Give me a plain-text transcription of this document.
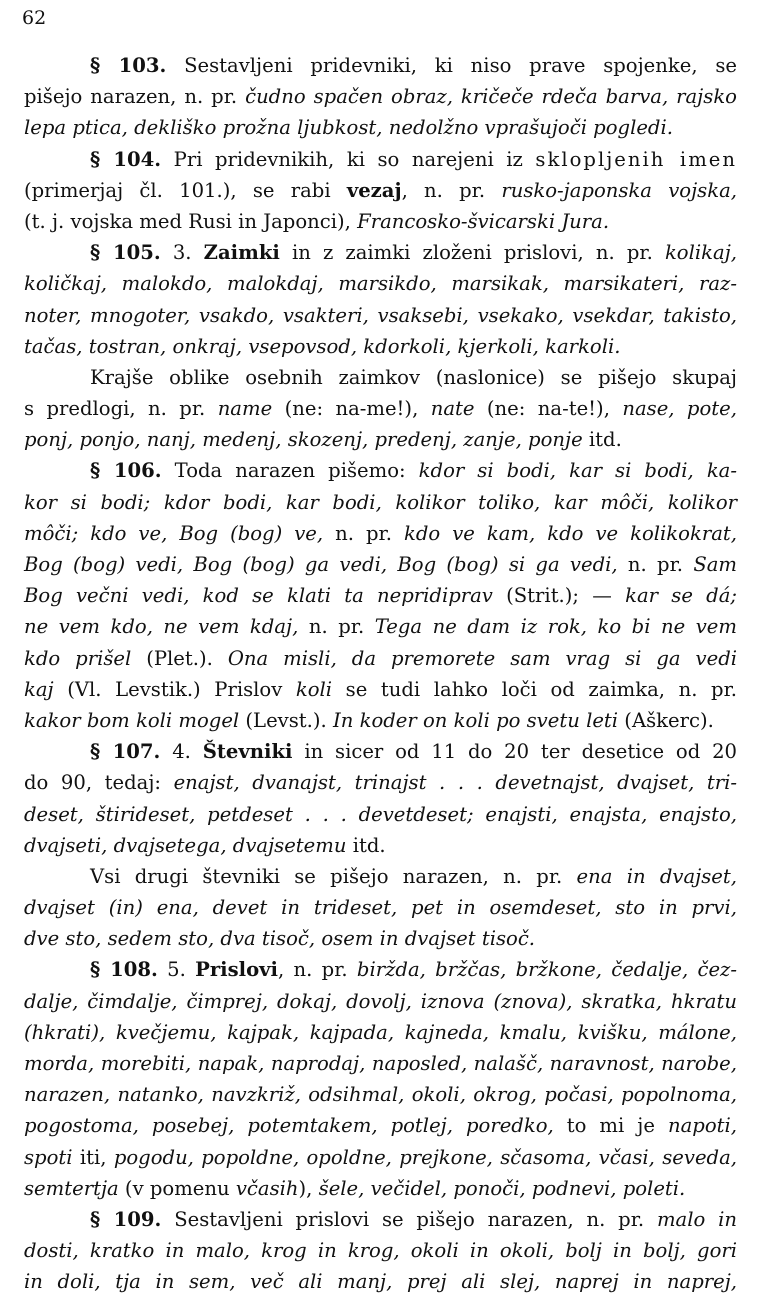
62
§ 103. Sestavljeni pridevniki, ki niso prave spojenke, se
pišejo narazen, n. pr. čudno spačen obraz, kričeče rdeča barva, rajsko
lepa ptica, dekliško prožna ljubkost, nedolžno vprašujoči pogledi.
§ 104. Pri pridevnikih, ki so narejeni iz sklopljenih imen
(primerjaj čl. 101.), se rabi vezaj, n. pr. rusko-japonska vojska,
(t. j. vojska med Rusi in Japonci), Francosko-švicarski Jura.
§ 105. 3. Zaimki in z zaimki zloženi prislovi, n. pr. kolikaj,
količkaj, malokdo, malokdaj, marsikdo, marsikak, marsikateri, raz-
noter, mnogoter, vsakdo, vsakteri, vsaksebi, vsekako, vsekdar, takisto,
tačas, tostran, onkraj, vsepovsod, kdorkoli, kjerkoli, karkoli.
Krajše oblike osebnih zaimkov (naslonice) se pišejo skupaj
s predlogi, n. pr. name (ne: na-me!), nate (ne: na-te!), nase, pote,
ponj, ponjo, nanj, medenj, skozenj, predenj, zanje, ponje itd.
§ 106. Toda narazen pišemo: kdor si bodi, kar si bodi, ka-
kor si bodi; kdor bodi, kar bodi, kolikor toliko, kar môči, kolikor
môči; kdo ve, Bog (bog) ve, n. pr. kdo ve kam, kdo ve kolikokrat,
Bog (bog) vedi, Bog (bog) ga vedi, Bog (bog) si ga vedi, n. pr. Sam
Bog večni vedi, kod se klati ta nepridiprav (Strit.); — kar se dá;
ne vem kdo, ne vem kdaj, n. pr. Tega ne dam iz rok, ko bi ne vem
kdo prišel (Plet.). Ona misli, da premorete sam vrag si ga vedi
kaj (Vl. Levstik.) Prislov koli se tudi lahko loči od zaimka, n. pr.
kakor bom koli mogel (Levst.). In koder on koli po svetu leti (Aškerc).
§ 107. 4. Števniki in sicer od 11 do 20 ter desetice od 20
do 90, tedaj: enajst, dvanajst, trinajst . . . devetnajst, dvajset, tri-
deset, štirideset, petdeset . . . devetdeset; enajsti, enajsta, enajsto,
dvajseti, dvajsetega, dvajsetemu itd.
Vsi drugi števniki se pišejo narazen, n. pr. ena in dvajset,
dvajset (in) ena, devet in trideset, pet in osemdeset, sto in prvi,
dve sto, sedem sto, dva tisoč, osem in dvajset tisoč.
§ 108. 5. Prislovi, n. pr. biržda, bržčas, bržkone, čedalje, čez-
dalje, čimdalje, čimprej, dokaj, dovolj, iznova (znova), skratka, hkratu
(hkrati), kvečjemu, kajpak, kajpada, kajneda, kmalu, kvišku, málone,
morda, morebiti, napak, naprodaj, naposled, nalašč, naravnost, narobe,
narazen, natanko, navzkriž, odsihmal, okoli, okrog, počasi, popolnoma,
pogostoma, posebej, potemtakem, potlej, poredko, to mi je napoti,
spoti iti, pogodu, popoldne, opoldne, prejkone, sčasoma, včasi, seveda,
semtertja (v pomenu včasih), šele, večidel, ponoči, podnevi, poleti.
§ 109. Sestavljeni prislovi se pišejo narazen, n. pr. malo in
dosti, kratko in malo, krog in krog, okoli in okoli, bolj in bolj, gori
in doli, tja in sem, več ali manj, prej ali slej, naprej in naprej,
